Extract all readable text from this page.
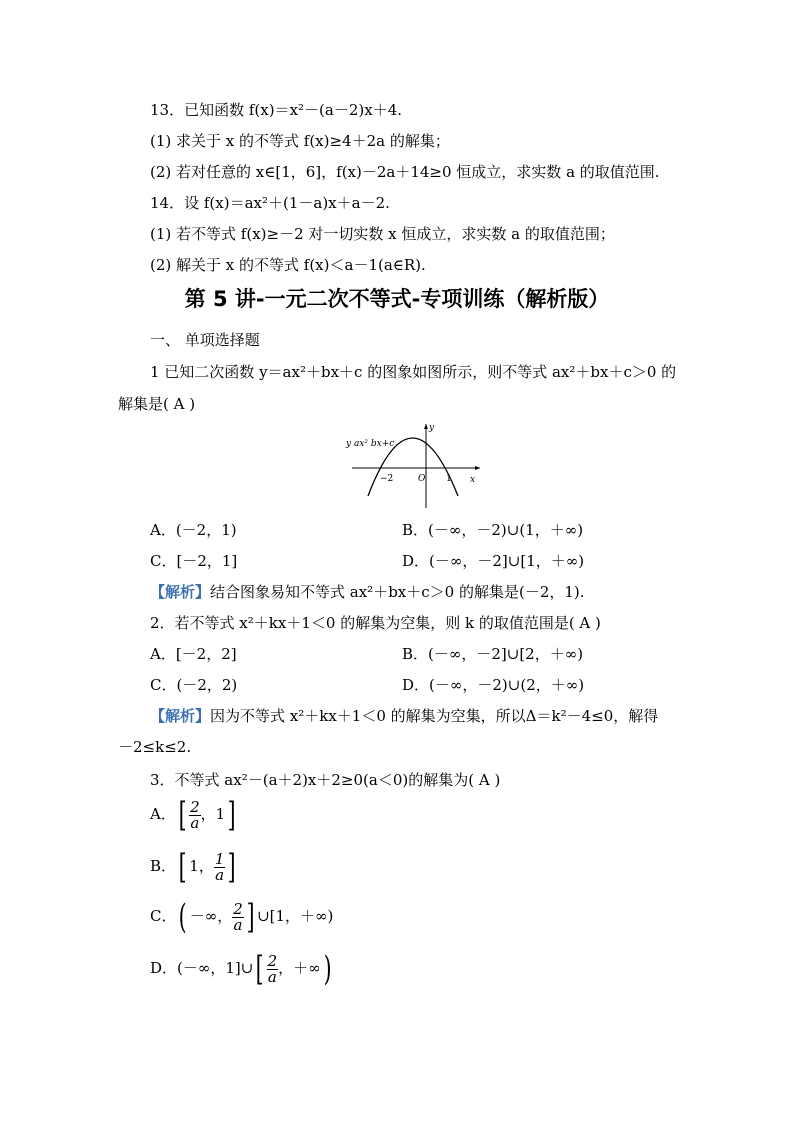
13．已知函数 f(x)＝x²－(a－2)x＋4.
(1) 求关于 x 的不等式 f(x)≥4＋2a 的解集；
(2) 若对任意的 x∈[1，6]，f(x)－2a＋14≥0 恒成立，求实数 a 的取值范围.
14．设 f(x)＝ax²＋(1－a)x＋a－2.
(1) 若不等式 f(x)≥－2 对一切实数 x 恒成立，求实数 a 的取值范围；
(2) 解关于 x 的不等式 f(x)＜a－1(a∈R).
第 5 讲-一元二次不等式-专项训练（解析版）
一、 单项选择题
1 已知二次函数 y＝ax²＋bx＋c 的图象如图所示，则不等式 ax²＋bx＋c＞0 的
解集是( A )
y ax² bx+c
y
x
O
−2	1
A．(－2，1)	B．(－∞，－2)∪(1，＋∞)
C．[－2，1]	D．(－∞，－2]∪[1，＋∞)
【解析】结合图象易知不等式 ax²＋bx＋c＞0 的解集是(－2，1).
2．若不等式 x²＋kx＋1＜0 的解集为空集，则 k 的取值范围是( A )
A．[－2，2]	B．(－∞，－2]∪[2，＋∞)
C．(－2，2)	D．(－∞，－2)∪(2，＋∞)
【解析】因为不等式 x²＋kx＋1＜0 的解集为空集，所以Δ＝k²－4≤0，解得
－2≤k≤2.
3．不等式 ax²－(a＋2)x＋2≥0(a＜0)的解集为( A )
A．[ $\frac{2}{a}$ ，1]
B．[ 1， $\frac{1}{a}$ ]
C．( －∞， $\frac{2}{a}$ ] ∪[1，＋∞)
D．(－∞，1]∪[ $\frac{2}{a}$ ，＋∞)
